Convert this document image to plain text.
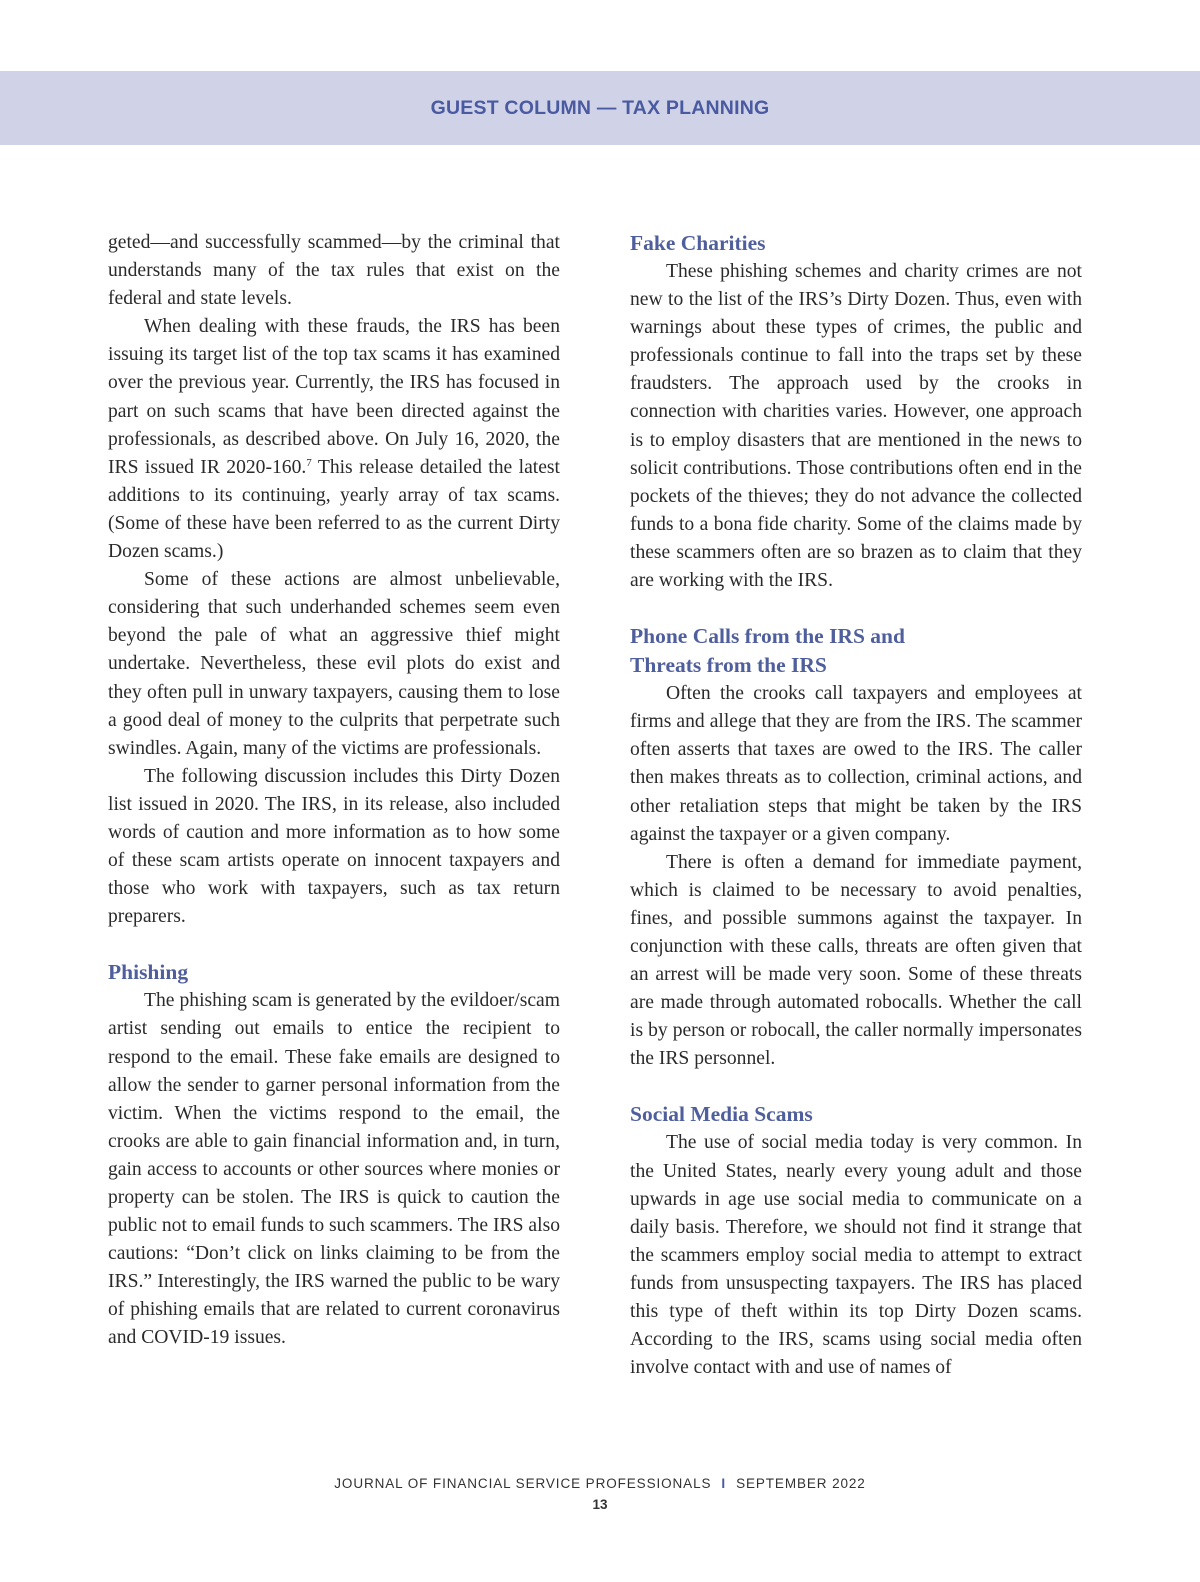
GUEST COLUMN — TAX PLANNING

geted—and successfully scammed—by the criminal that understands many of the tax rules that exist on the federal and state levels.

When dealing with these frauds, the IRS has been issuing its target list of the top tax scams it has examined over the previous year. Currently, the IRS has focused in part on such scams that have been directed against the professionals, as described above. On July 16, 2020, the IRS issued IR 2020-160.$^7$ This release detailed the latest additions to its continuing, yearly array of tax scams. (Some of these have been referred to as the current Dirty Dozen scams.)

Some of these actions are almost unbelievable, considering that such underhanded schemes seem even beyond the pale of what an aggressive thief might undertake. Nevertheless, these evil plots do exist and they often pull in unwary taxpayers, causing them to lose a good deal of money to the culprits that perpetrate such swindles. Again, many of the victims are professionals.

The following discussion includes this Dirty Dozen list issued in 2020. The IRS, in its release, also included words of caution and more information as to how some of these scam artists operate on innocent taxpayers and those who work with taxpayers, such as tax return preparers.

Phishing

The phishing scam is generated by the evildoer/scam artist sending out emails to entice the recipient to respond to the email. These fake emails are designed to allow the sender to garner personal information from the victim. When the victims respond to the email, the crooks are able to gain financial information and, in turn, gain access to accounts or other sources where monies or property can be stolen. The IRS is quick to caution the public not to email funds to such scammers. The IRS also cautions: “Don’t click on links claiming to be from the IRS.” Interestingly, the IRS warned the public to be wary of phishing emails that are related to current coronavirus and COVID-19 issues.

Fake Charities

These phishing schemes and charity crimes are not new to the list of the IRS’s Dirty Dozen. Thus, even with warnings about these types of crimes, the public and professionals continue to fall into the traps set by these fraudsters. The approach used by the crooks in connection with charities varies. However, one approach is to employ disasters that are mentioned in the news to solicit contributions. Those contributions often end in the pockets of the thieves; they do not advance the collected funds to a bona fide charity. Some of the claims made by these scammers often are so brazen as to claim that they are working with the IRS.

Phone Calls from the IRS and
Threats from the IRS

Often the crooks call taxpayers and employees at firms and allege that they are from the IRS. The scammer often asserts that taxes are owed to the IRS. The caller then makes threats as to collection, criminal actions, and other retaliation steps that might be taken by the IRS against the taxpayer or a given company.

There is often a demand for immediate payment, which is claimed to be necessary to avoid penalties, fines, and possible summons against the taxpayer. In conjunction with these calls, threats are often given that an arrest will be made very soon. Some of these threats are made through automated robocalls. Whether the call is by person or robocall, the caller normally impersonates the IRS personnel.

Social Media Scams

The use of social media today is very common. In the United States, nearly every young adult and those upwards in age use social media to communicate on a daily basis. Therefore, we should not find it strange that the scammers employ social media to attempt to extract funds from unsuspecting taxpayers. The IRS has placed this type of theft within its top Dirty Dozen scams. According to the IRS, scams using social media often involve contact with and use of names of

JOURNAL OF FINANCIAL SERVICE PROFESSIONALS I SEPTEMBER 2022
13
